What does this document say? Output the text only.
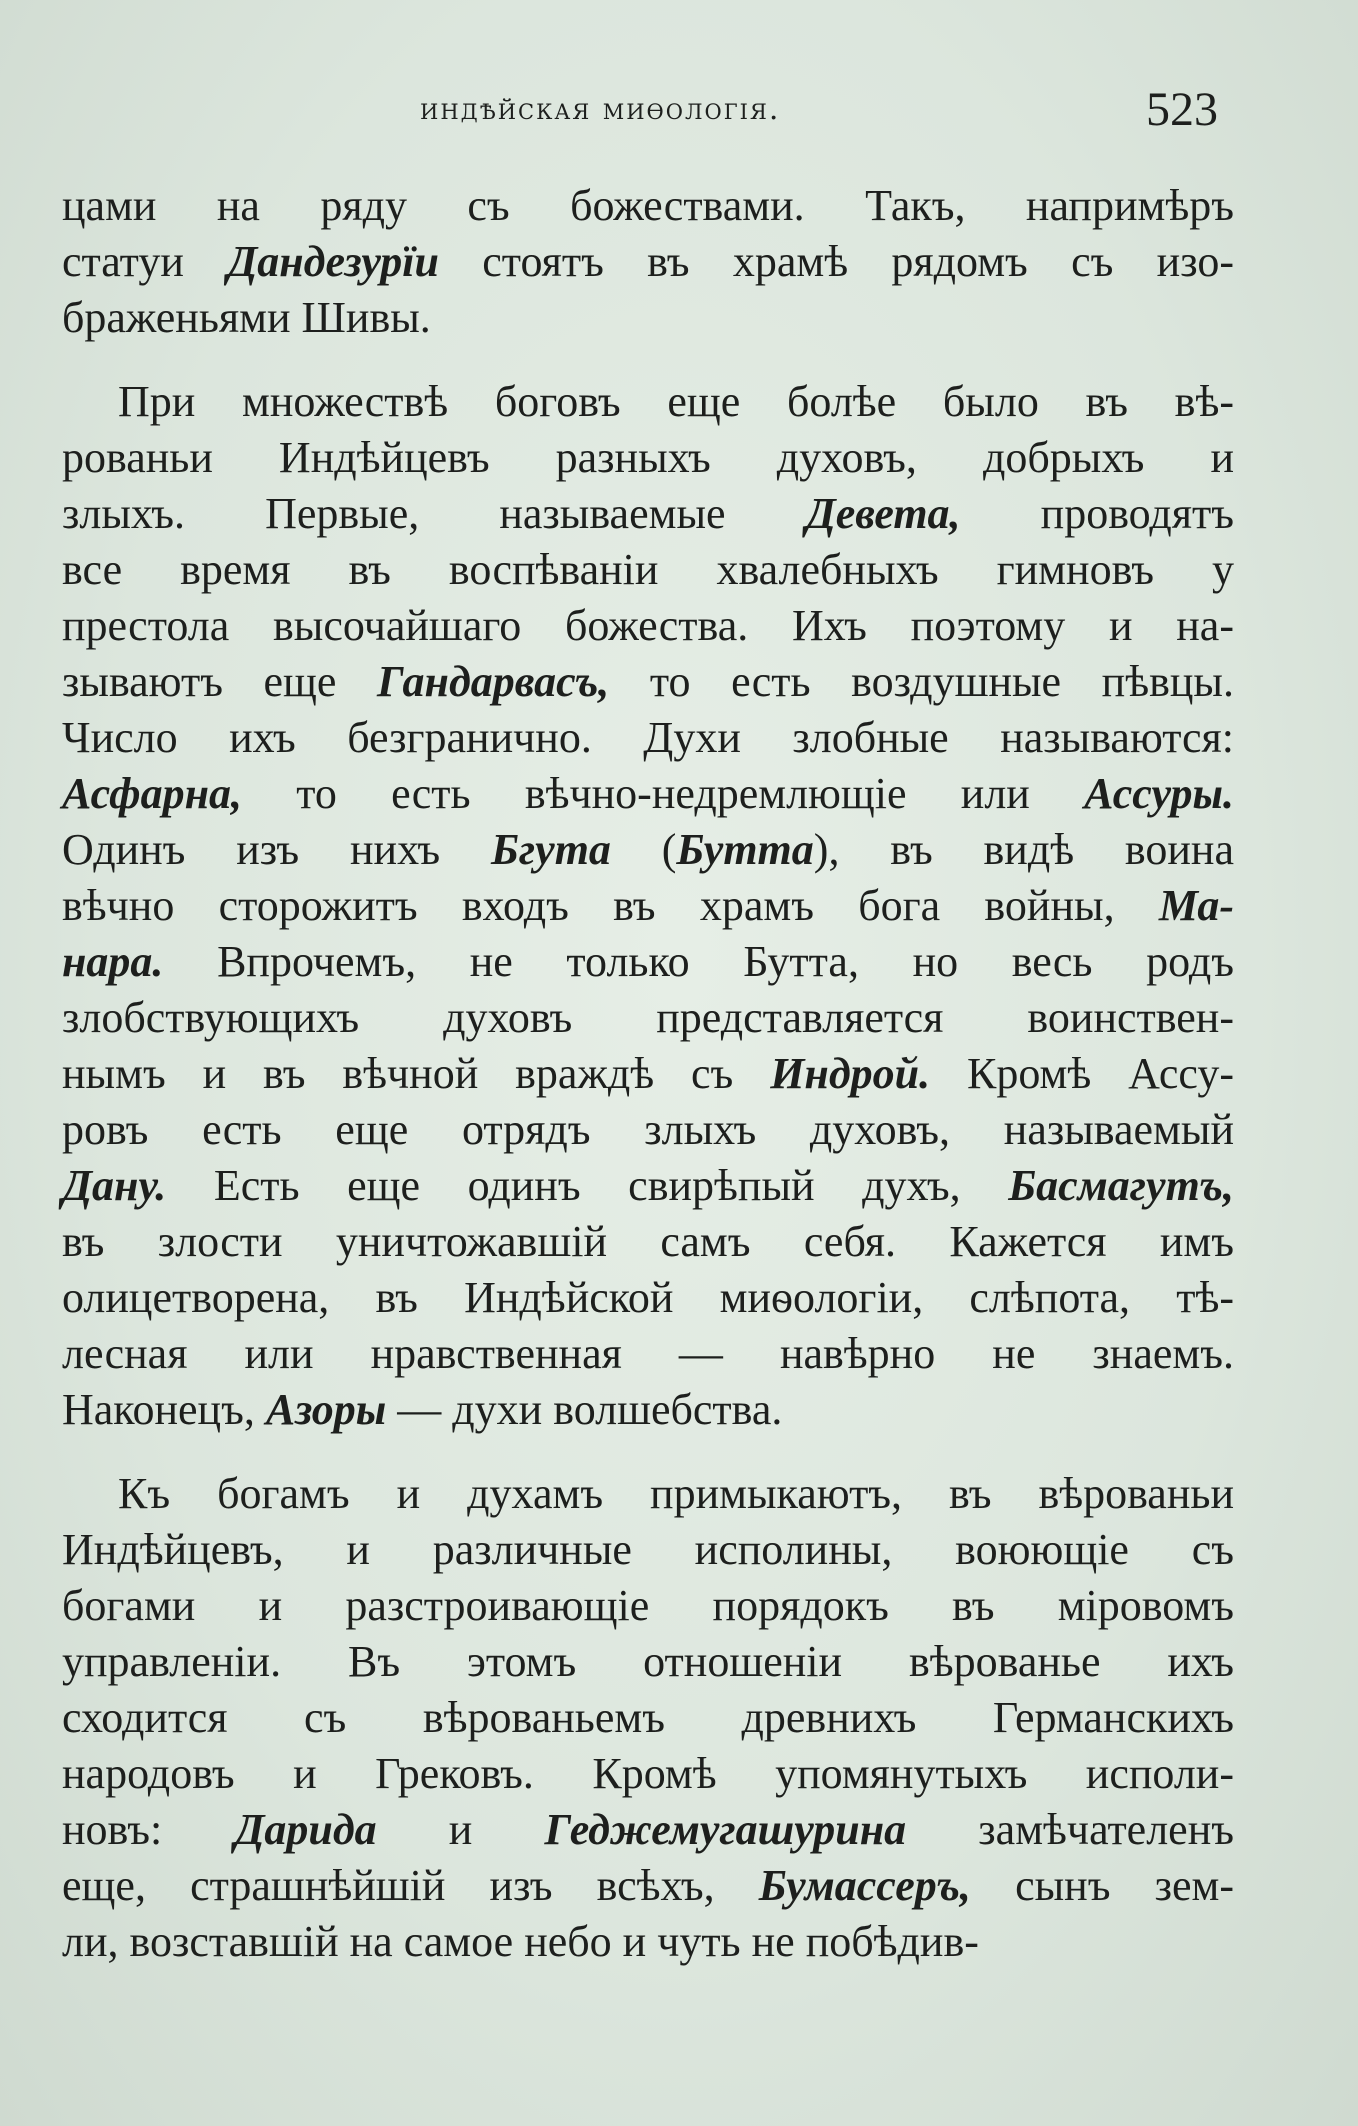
индѣйская миѳологія.	523
цами на ряду съ божествами. Такъ, напримѣръ
статуи Дандезурїи стоятъ въ храмѣ рядомъ съ изо-
браженьями Шивы.
При множествѣ боговъ еще болѣе было въ вѣ-
рованьи Индѣйцевъ разныхъ духовъ, добрыхъ и
злыхъ. Первые, называемые Девета, проводятъ
все время въ воспѣваніи хвалебныхъ гимновъ у
престола высочайшаго божества. Ихъ поэтому и на-
зываютъ еще Гандарвасъ, то есть воздушные пѣвцы.
Число ихъ безгранично. Духи злобные называются:
Асфарна, то есть вѣчно-недремлющіе или Ассуры.
Одинъ изъ нихъ Бгута (Бутта), въ видѣ воина
вѣчно сторожитъ входъ въ храмъ бога войны, Ма-
нара. Впрочемъ, не только Бутта, но весь родъ
злобствующихъ духовъ представляется воинствен-
нымъ и въ вѣчной враждѣ съ Индрой. Кромѣ Ассу-
ровъ есть еще отрядъ злыхъ духовъ, называемый
Дану. Есть еще одинъ свирѣпый духъ, Басмагутъ,
въ злости уничтожавшій самъ себя. Кажется имъ
олицетворена, въ Индѣйской миѳологіи, слѣпота, тѣ-
лесная или нравственная — навѣрно не знаемъ.
Наконецъ, Азоры — духи волшебства.
Къ богамъ и духамъ примыкаютъ, въ вѣрованьи
Индѣйцевъ, и различные исполины, воюющіе съ
богами и разстроивающіе порядокъ въ міровомъ
управленіи. Въ этомъ отношеніи вѣрованье ихъ
сходится съ вѣрованьемъ древнихъ Германскихъ
народовъ и Грековъ. Кромѣ упомянутыхъ исполи-
новъ: Дарида и Геджемугашурина замѣчателенъ
еще, страшнѣйшій изъ всѣхъ, Бумассеръ, сынъ зем-
ли, возставшій на самое небо и чуть не побѣдив-
